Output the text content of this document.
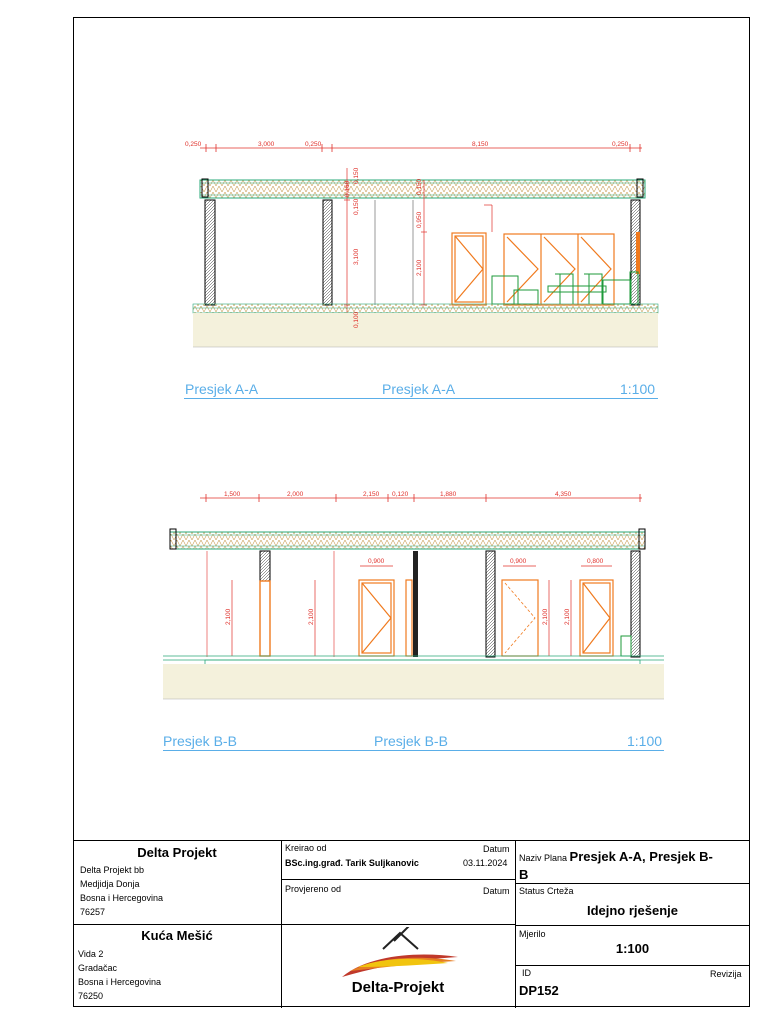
0,250	3,000	0,250	8,150	0,250
0,160
0,150
0,150
0,150
3,100
0,950
2,100
0,100
1,500	2,000	2,150 0,120	1,880	4,350
0,900	0,900	0,800
2,100	2,100	2,100 2,100
Presjek A-A	Presjek A-A	1:100
Presjek B-B	Presjek B-B	1:100
Delta Projekt
Delta Projekt bb
Medjidja Donja
Bosna i Hercegovina
76257
Kuća Mešić
Vida 2
Gradačac
Bosna i Hercegovina
76250
Kreirao od	Datum
BSc.ing.građ. Tarik Suljkanovic	03.11.2024
Provjereno od	Datum
Delta-Projekt
Naziv Plana Presjek A-A, Presjek B-
B
Status Crteža
Idejno rješenje
Mjerilo
1:100
ID	Revizija
DP152
